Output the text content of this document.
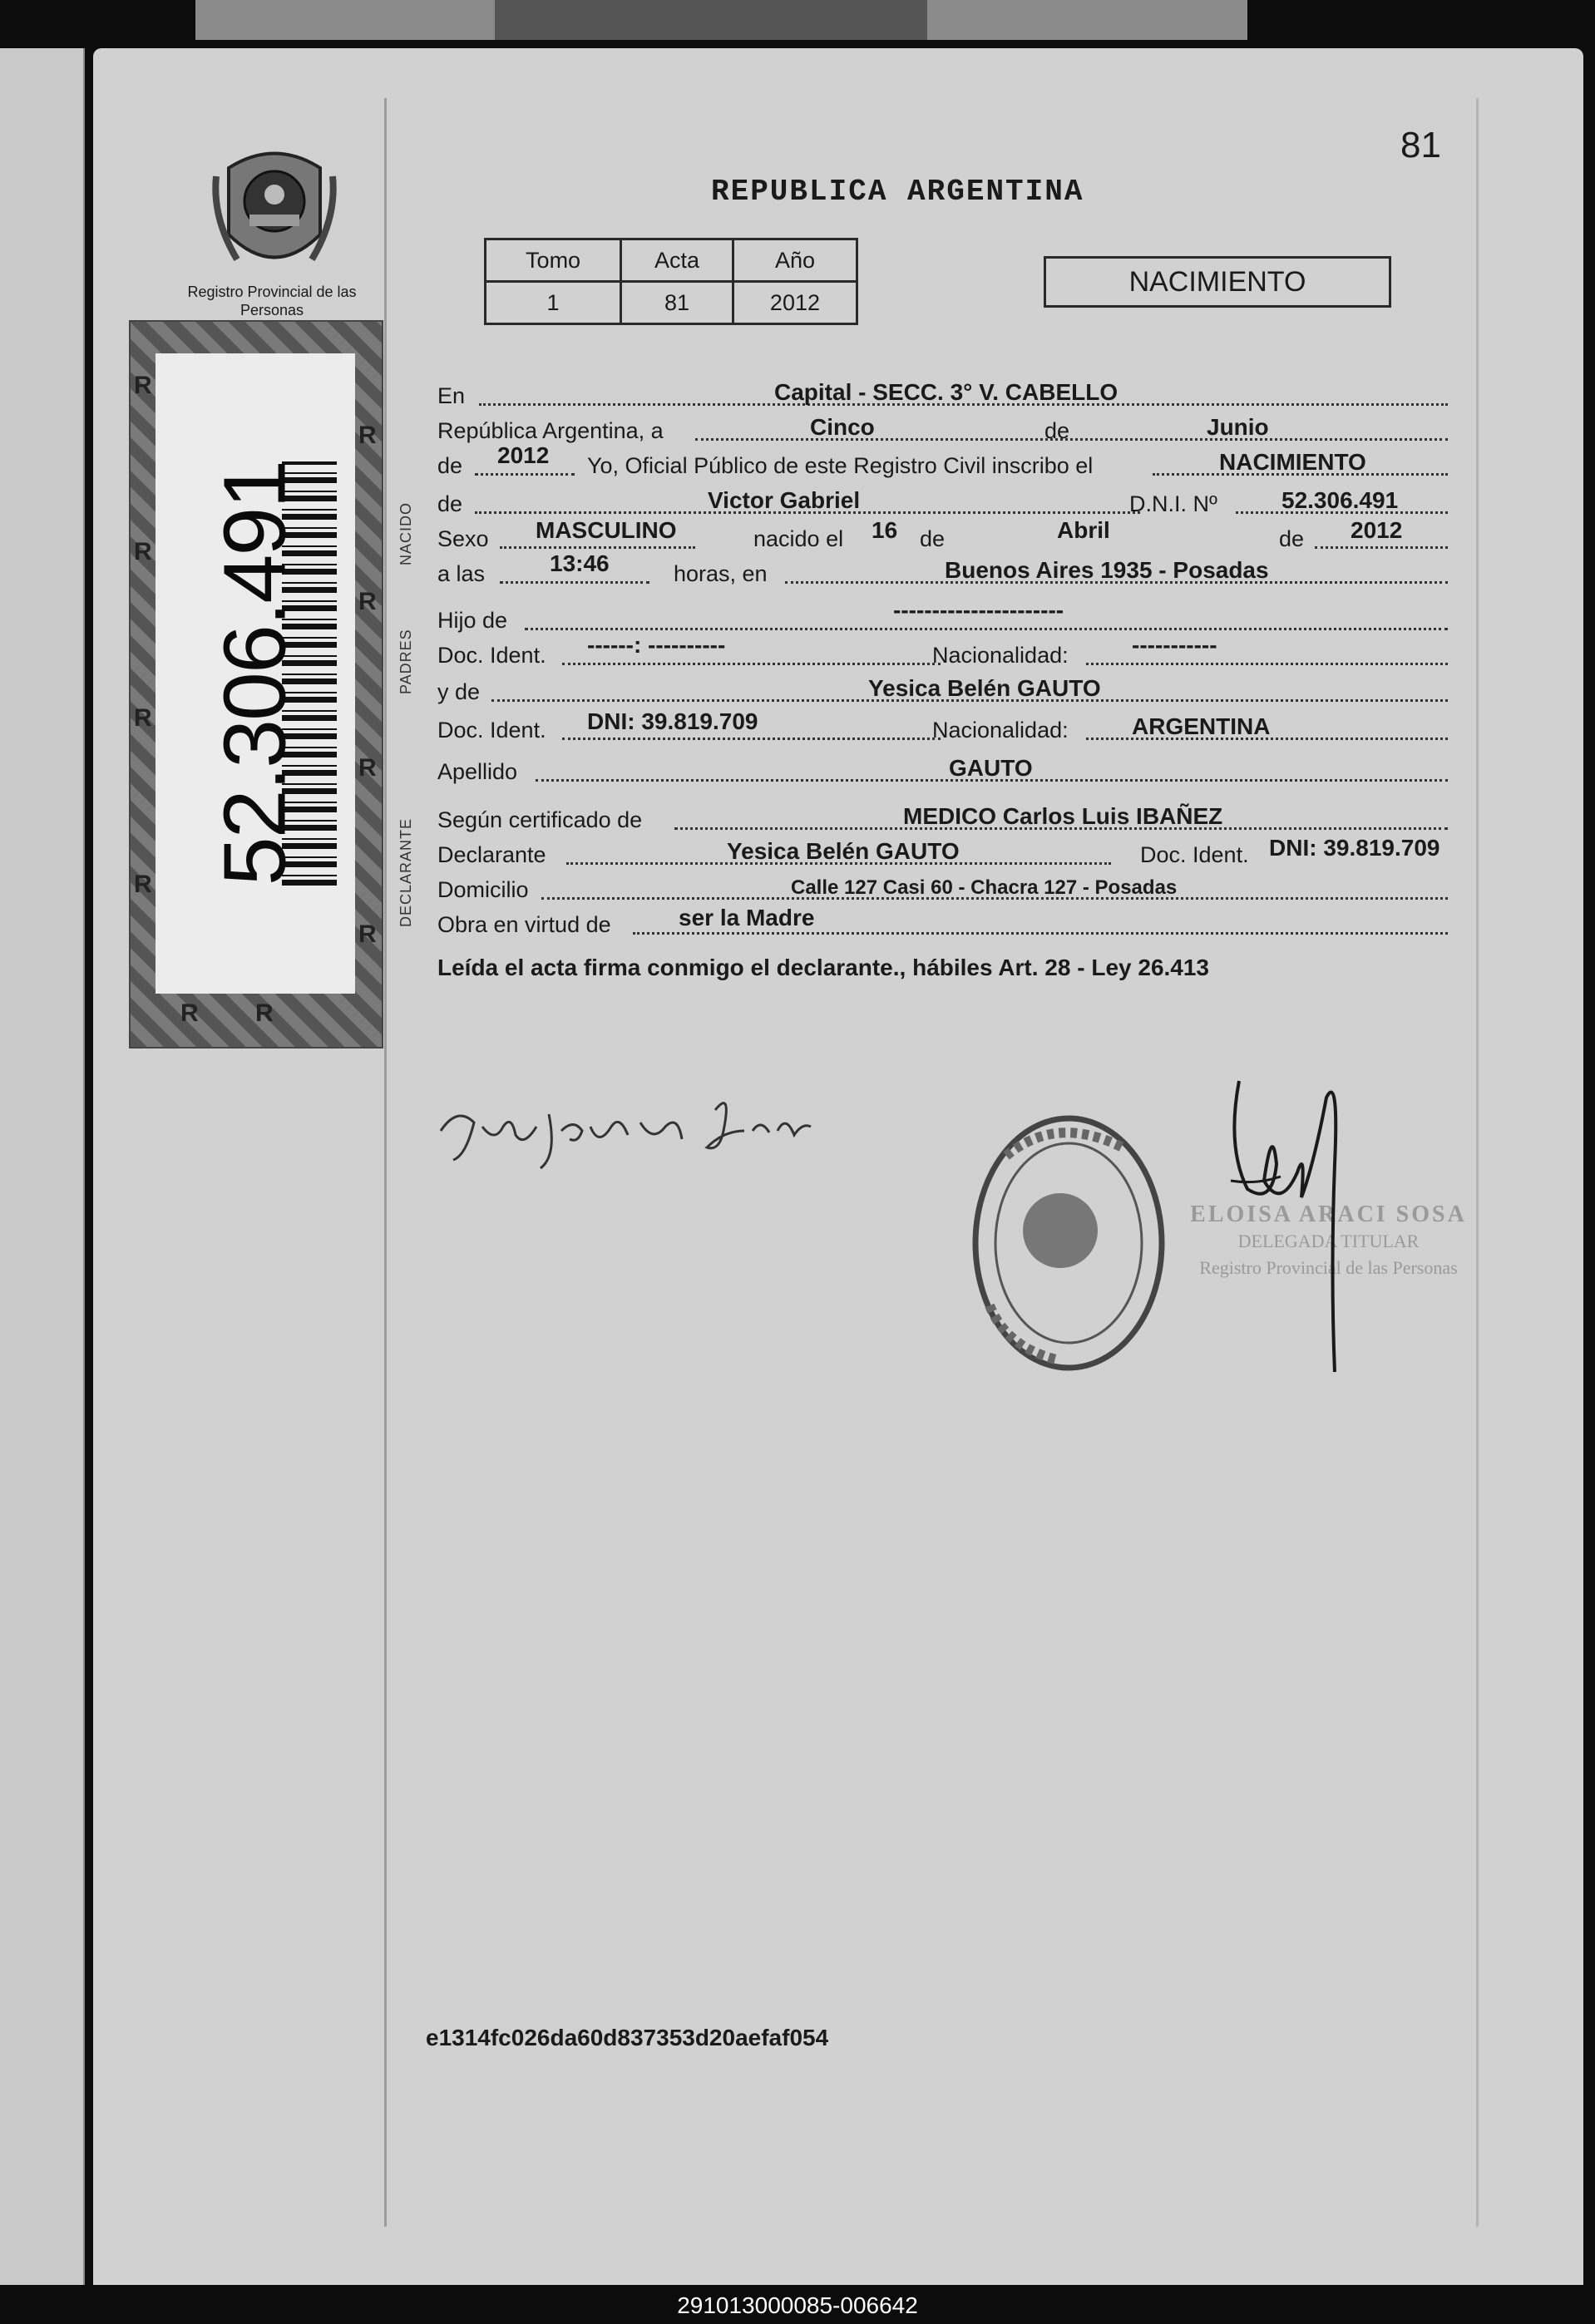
81
REPUBLICA ARGENTINA
Registro Provincial de las Personas
52.306.491
R
R
R
R
R
R
R
R
R R
Tomo	Acta	Año
1	81	2012
NACIMIENTO
NACIDO
PADRES
DECLARANTE
En	Capital - SECC. 3° V. CABELLO
República Argentina, a	Cinco	de	Junio
de 2012 Yo, Oficial Público de este Registro Civil inscribo el	NACIMIENTO
de	Victor Gabriel	D.N.I. Nº	52.306.491
Sexo MASCULINO	nacido el 16 de	Abril	de 2012
a las	13:46	horas, en	Buenos Aires 1935 - Posadas
Hijo de	----------------------
Doc. Ident. ------: ----------	Nacionalidad:	-----------
y de	Yesica Belén GAUTO
Doc. Ident. DNI: 39.819.709	Nacionalidad:	ARGENTINA
Apellido	GAUTO
Según certificado de	MEDICO Carlos Luis IBAÑEZ
Declarante	Yesica Belén GAUTO	Doc. Ident. DNI: 39.819.709
Domicilio	Calle 127 Casi 60 - Chacra 127 - Posadas
Obra en virtud de	ser la Madre
Leída el acta firma conmigo el declarante., hábiles Art. 28 - Ley 26.413
ELOISA ARACI SOSA
DELEGADA TITULAR
Registro Provincial de las Personas
e1314fc026da60d837353d20aefaf054
291013000085-006642
